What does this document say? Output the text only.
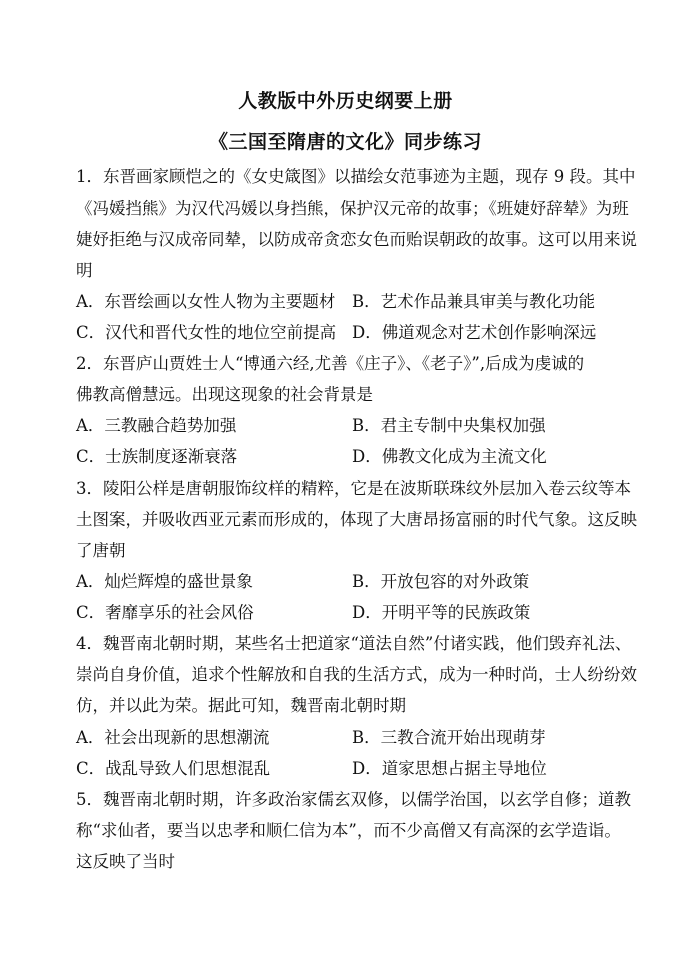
人教版中外历史纲要上册
《三国至隋唐的文化》同步练习
1．东晋画家顾恺之的《女史箴图》以描绘女范事迹为主题，现存 9 段。其中
《冯媛挡熊》为汉代冯媛以身挡熊，保护汉元帝的故事；《班婕妤辞辇》为班
婕妤拒绝与汉成帝同辇，以防成帝贪恋女色而贻误朝政的故事。这可以用来说
明
A．东晋绘画以女性人物为主要题材 B．艺术作品兼具审美与教化功能
C．汉代和晋代女性的地位空前提高 D．佛道观念对艺术创作影响深远
2．东晋庐山贾姓士人“博通六经,尤善《庄子》、《老子》”,后成为虔诚的
佛教高僧慧远。出现这现象的社会背景是
A．三教融合趋势加强	B．君主专制中央集权加强
C．士族制度逐渐衰落	D．佛教文化成为主流文化
3．陵阳公样是唐朝服饰纹样的精粹，它是在波斯联珠纹外层加入卷云纹等本
土图案，并吸收西亚元素而形成的，体现了大唐昂扬富丽的时代气象。这反映
了唐朝
A．灿烂辉煌的盛世景象	B．开放包容的对外政策
C．奢靡享乐的社会风俗	D．开明平等的民族政策
4．魏晋南北朝时期，某些名士把道家“道法自然”付诸实践，他们毁弃礼法、
崇尚自身价值，追求个性解放和自我的生活方式，成为一种时尚，士人纷纷效
仿，并以此为荣。据此可知，魏晋南北朝时期
A．社会出现新的思想潮流	B．三教合流开始出现萌芽
C．战乱导致人们思想混乱	D．道家思想占据主导地位
5．魏晋南北朝时期，许多政治家儒玄双修，以儒学治国，以玄学自修；道教
称“求仙者，要当以忠孝和顺仁信为本”，而不少高僧又有高深的玄学造诣。
这反映了当时
